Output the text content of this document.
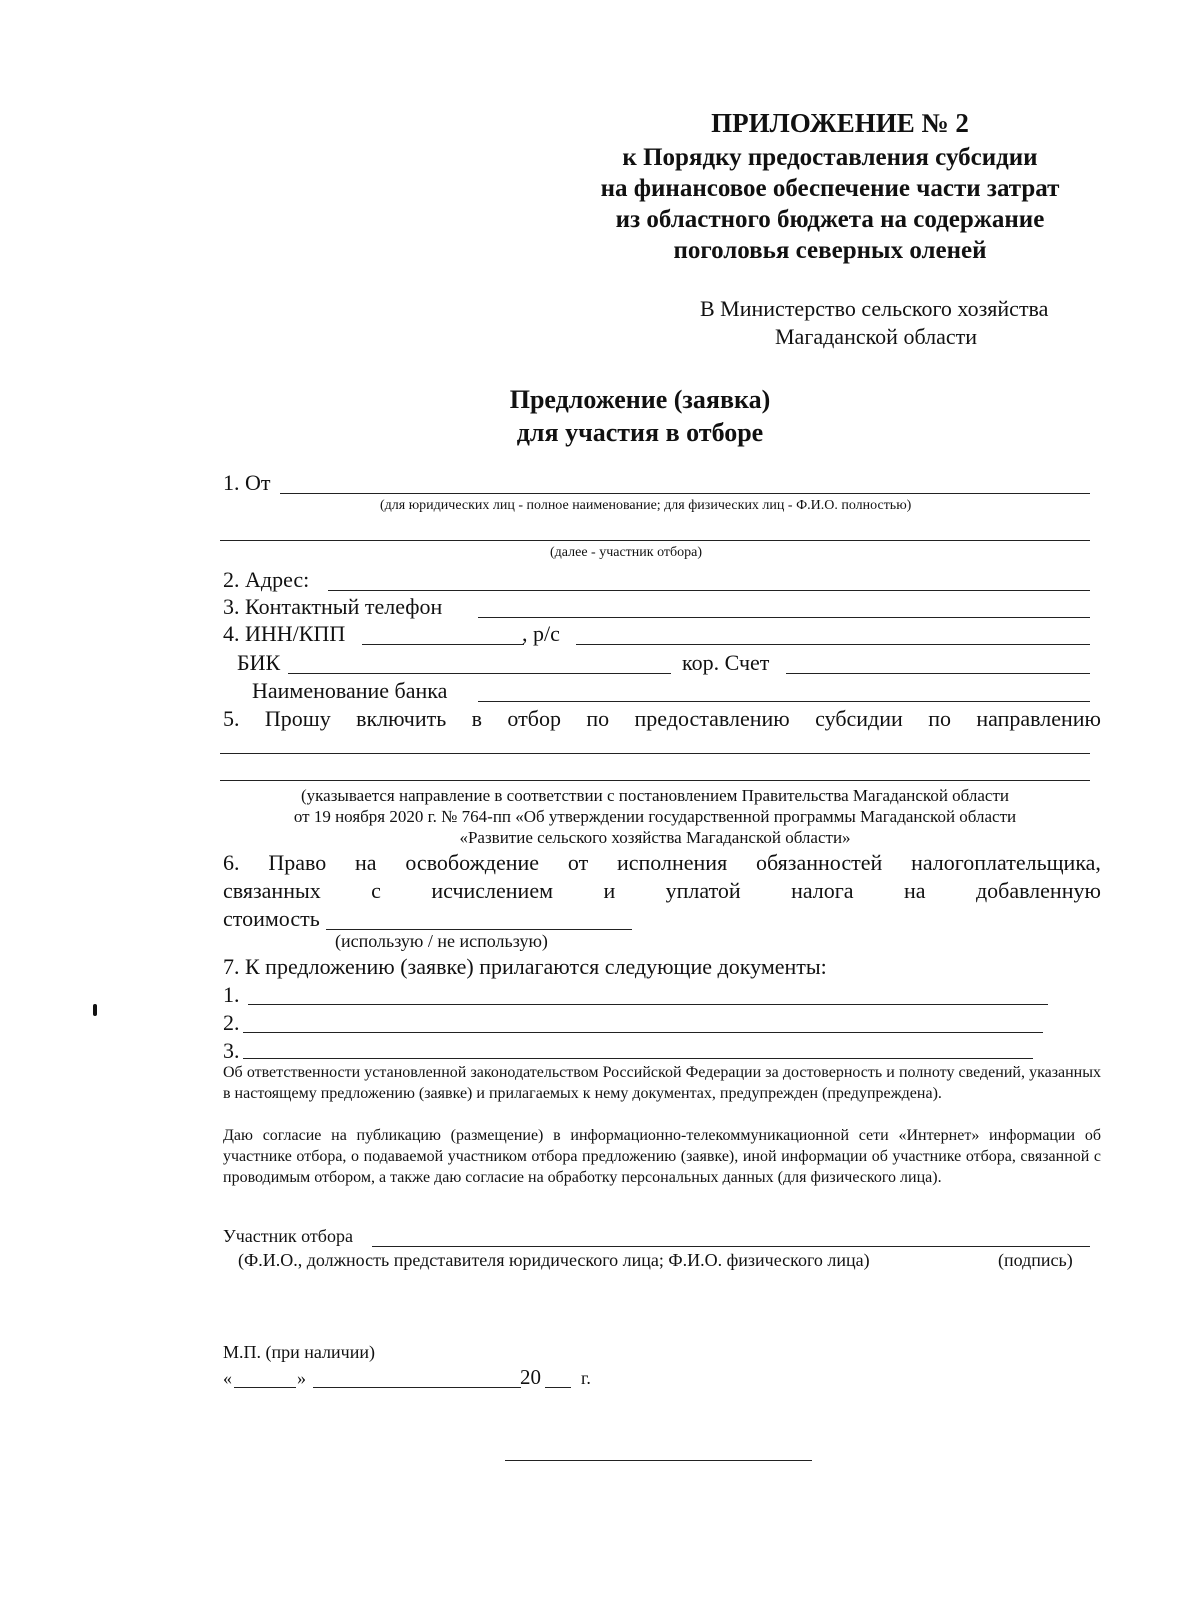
ПРИЛОЖЕНИЕ № 2
к Порядку предоставления субсидии
на финансовое обеспечение части затрат
из областного бюджета на содержание
поголовья северных оленей
В Министерство сельского хозяйства
Магаданской области
Предложение (заявка)
для участия в отборе
1. От
(для юридических лиц - полное наименование; для физических лиц - Ф.И.О. полностью)
(далее - участник отбора)
2. Адрес:
3. Контактный телефон
4. ИНН/КПП	, р/с
БИК	кор. Счет
Наименование банка
5. Прошу включить в отбор по предоставлению субсидии по направлению
(указывается направление в соответствии с постановлением Правительства Магаданской области
от 19 ноября 2020 г. № 764-пп «Об утверждении государственной программы Магаданской области
«Развитие сельского хозяйства Магаданской области»
6. Право на освобождение от исполнения обязанностей налогоплательщика,
связанных с исчислением и уплатой налога на добавленную
стоимость
(использую / не использую)
7. К предложению (заявке) прилагаются следующие документы:
1.
2.
3.
Об ответственности установленной законодательством Российской Федерации за достоверность и полноту сведений, указанных в настоящему предложению (заявке) и прилагаемых к нему документах, предупрежден (предупреждена).
Даю согласие на публикацию (размещение) в информационно-телекоммуникационной сети «Интернет» информации об участнике отбора, о подаваемой участником отбора предложению (заявке), иной информации об участнике отбора, связанной с проводимым отбором, а также даю согласие на обработку персональных данных (для физического лица).
Участник отбора
(Ф.И.О., должность представителя юридического лица; Ф.И.О. физического лица)	(подпись)
М.П. (при наличии)
«	»	20 г.
